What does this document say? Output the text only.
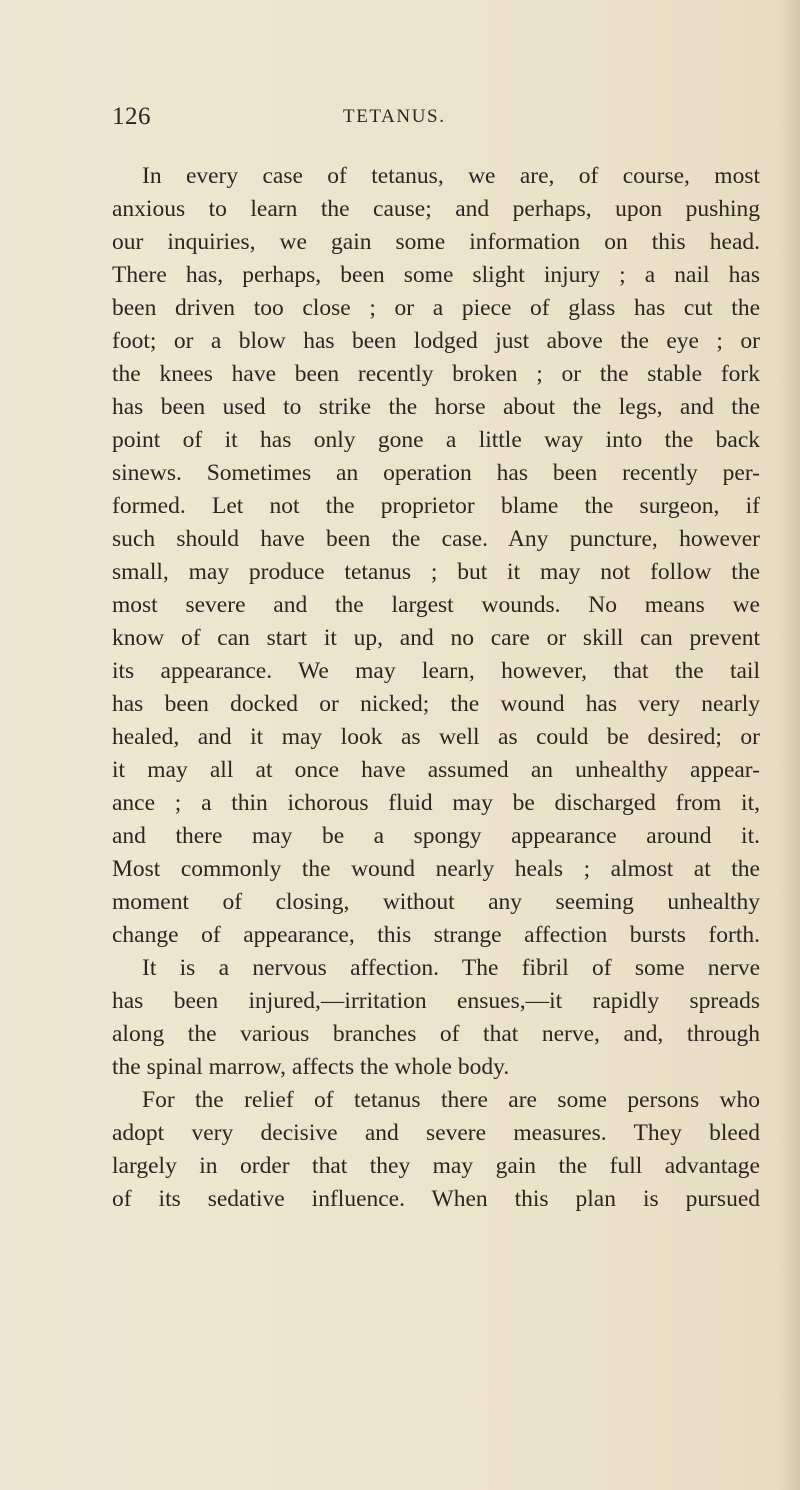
126	TETANUS.

In every case of tetanus, we are, of course, most
anxious to learn the cause; and perhaps, upon pushing
our inquiries, we gain some information on this head.
There has, perhaps, been some slight injury ; a nail has
been driven too close ; or a piece of glass has cut the
foot; or a blow has been lodged just above the eye ; or
the knees have been recently broken ; or the stable fork
has been used to strike the horse about the legs, and the
point of it has only gone a little way into the back
sinews. Sometimes an operation has been recently per-
formed. Let not the proprietor blame the surgeon, if
such should have been the case. Any puncture, however
small, may produce tetanus ; but it may not follow the
most severe and the largest wounds. No means we
know of can start it up, and no care or skill can prevent
its appearance. We may learn, however, that the tail
has been docked or nicked; the wound has very nearly
healed, and it may look as well as could be desired; or
it may all at once have assumed an unhealthy appear-
ance ; a thin ichorous fluid may be discharged from it,
and there may be a spongy appearance around it.
Most commonly the wound nearly heals ; almost at the
moment of closing, without any seeming unhealthy
change of appearance, this strange affection bursts forth.
It is a nervous affection. The fibril of some nerve
has been injured,—irritation ensues,—it rapidly spreads
along the various branches of that nerve, and, through
the spinal marrow, affects the whole body.

For the relief of tetanus there are some persons who
adopt very decisive and severe measures. They bleed
largely in order that they may gain the full advantage
of its sedative influence. When this plan is pursued
